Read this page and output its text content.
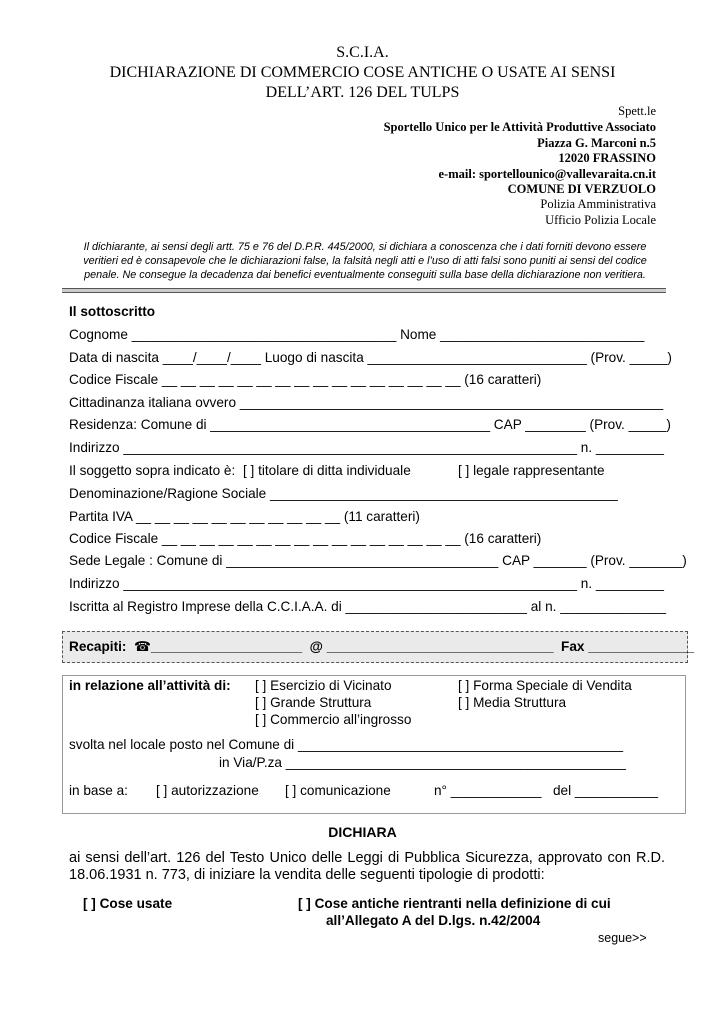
S.C.I.A.
DICHIARAZIONE DI COMMERCIO COSE ANTICHE O USATE AI SENSI
DELL’ART. 126 DEL TULPS
Spett.le
Sportello Unico per le Attività Produttive Associato
Piazza G. Marconi n.5
12020 FRASSINO
e-mail: sportellounico@vallevaraita.cn.it
COMUNE DI VERZUOLO
Polizia Amministrativa
Ufficio Polizia Locale
Il dichiarante, ai sensi degli artt. 75 e 76 del D.P.R. 445/2000, si dichiara a conoscenza che i dati forniti devono essere veritieri ed è consapevole che le dichiarazioni false, la falsità negli atti e l’uso di atti falsi sono puniti ai sensi del codice penale. Ne consegue la decadenza dai benefici eventualmente conseguiti sulla base della dichiarazione non veritiera.
Il sottoscritto
Cognome ___________________________________ Nome ___________________________
Data di nascita ____/____/____ Luogo di nascita _____________________________ (Prov. _____)
Codice Fiscale __ __ __ __ __ __ __ __ __ __ __ __ __ __ __ __ (16 caratteri)
Cittadinanza italiana ovvero ________________________________________________________
Residenza: Comune di _____________________________________ CAP ________ (Prov. _____)
Indirizzo ____________________________________________________________ n. _________
Il soggetto sopra indicato è: [ ] titolare di ditta individuale	[ ] legale rappresentante
Denominazione/Ragione Sociale ______________________________________________
Partita IVA __ __ __ __ __ __ __ __ __ __ __ (11 caratteri)
Codice Fiscale __ __ __ __ __ __ __ __ __ __ __ __ __ __ __ __ (16 caratteri)
Sede Legale : Comune di ____________________________________ CAP _______ (Prov. _______)
Indirizzo ____________________________________________________________ n. _________
Iscritta al Registro Imprese della C.C.I.A.A. di ________________________ al n. ______________
Recapiti:  ☎____________________  @ ______________________________  Fax ______________
in relazione all’attività di: [ ] Esercizio di Vicinato	[ ] Forma Speciale di Vendita
[ ] Grande Struttura	[ ] Media Struttura
[ ] Commercio all’ingrosso
svolta nel locale posto nel Comune di ___________________________________________
in Via/P.za _____________________________________________
in base a: [ ] autorizzazione [ ] comunicazione	n° ____________ del ___________
DICHIARA
ai sensi dell’art. 126 del Testo Unico delle Leggi di Pubblica Sicurezza, approvato con R.D. 18.06.1931 n. 773, di iniziare la vendita delle seguenti tipologie di prodotti:
[ ] Cose usate	[ ] Cose antiche rientranti nella definizione di cui
all’Allegato A del D.lgs. n.42/2004
segue>>
